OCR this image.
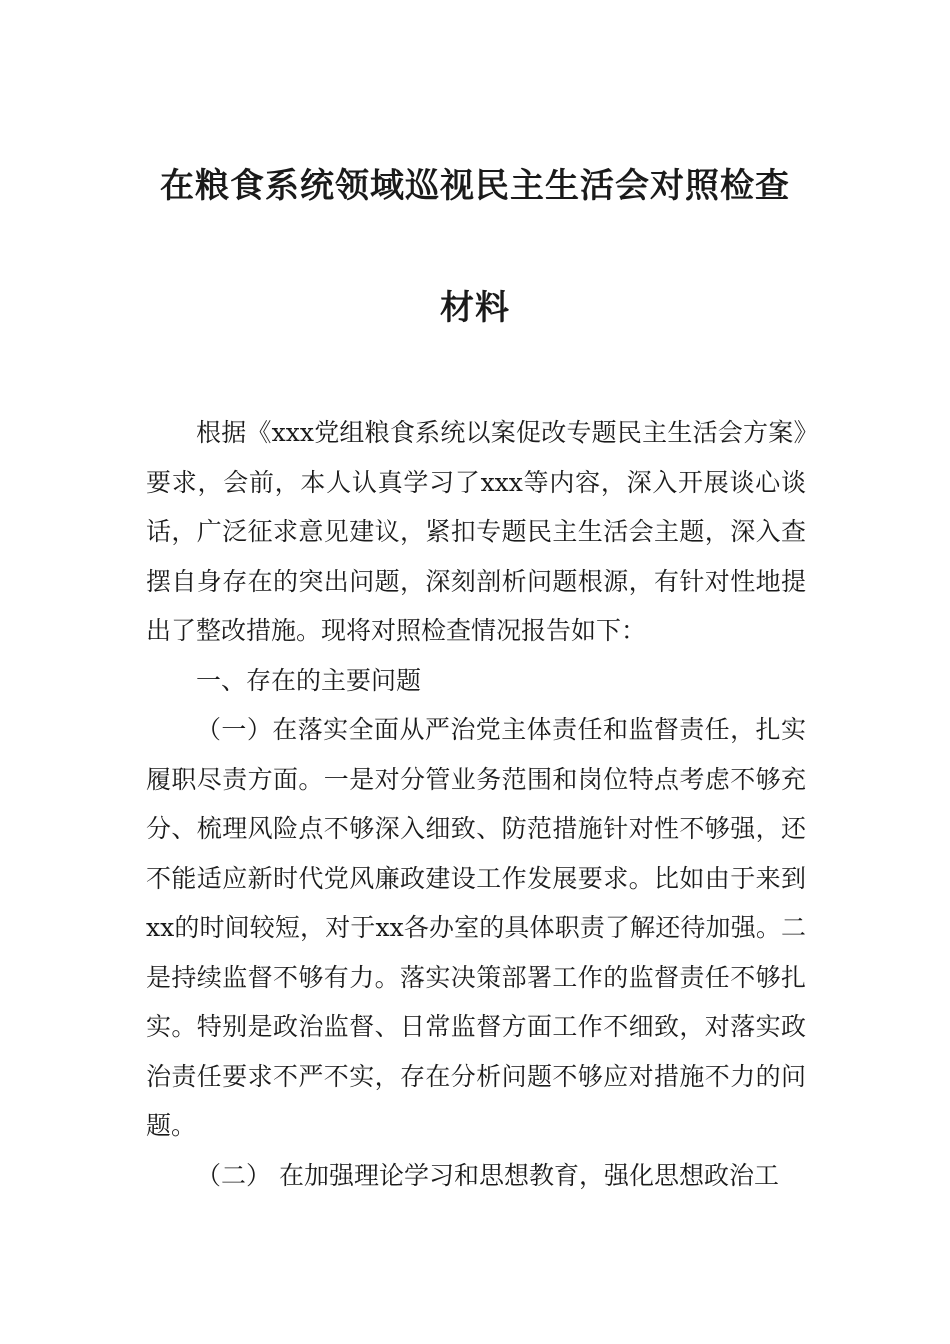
在粮食系统领域巡视民主生活会对照检查
材料

根据《xxx党组粮食系统以案促改专题民主生活会方案》要求，会前，本人认真学习了xxx等内容，深入开展谈心谈话，广泛征求意见建议，紧扣专题民主生活会主题，深入查摆自身存在的突出问题，深刻剖析问题根源，有针对性地提出了整改措施。现将对照检查情况报告如下：

一、存在的主要问题

（一）在落实全面从严治党主体责任和监督责任，扎实履职尽责方面。一是对分管业务范围和岗位特点考虑不够充分、梳理风险点不够深入细致、防范措施针对性不够强，还不能适应新时代党风廉政建设工作发展要求。比如由于来到xx的时间较短，对于xx各办室的具体职责了解还待加强。二是持续监督不够有力。落实决策部署工作的监督责任不够扎实。特别是政治监督、日常监督方面工作不细致，对落实政治责任要求不严不实，存在分析问题不够应对措施不力的问题。

（二） 在加强理论学习和思想教育，强化思想政治工
